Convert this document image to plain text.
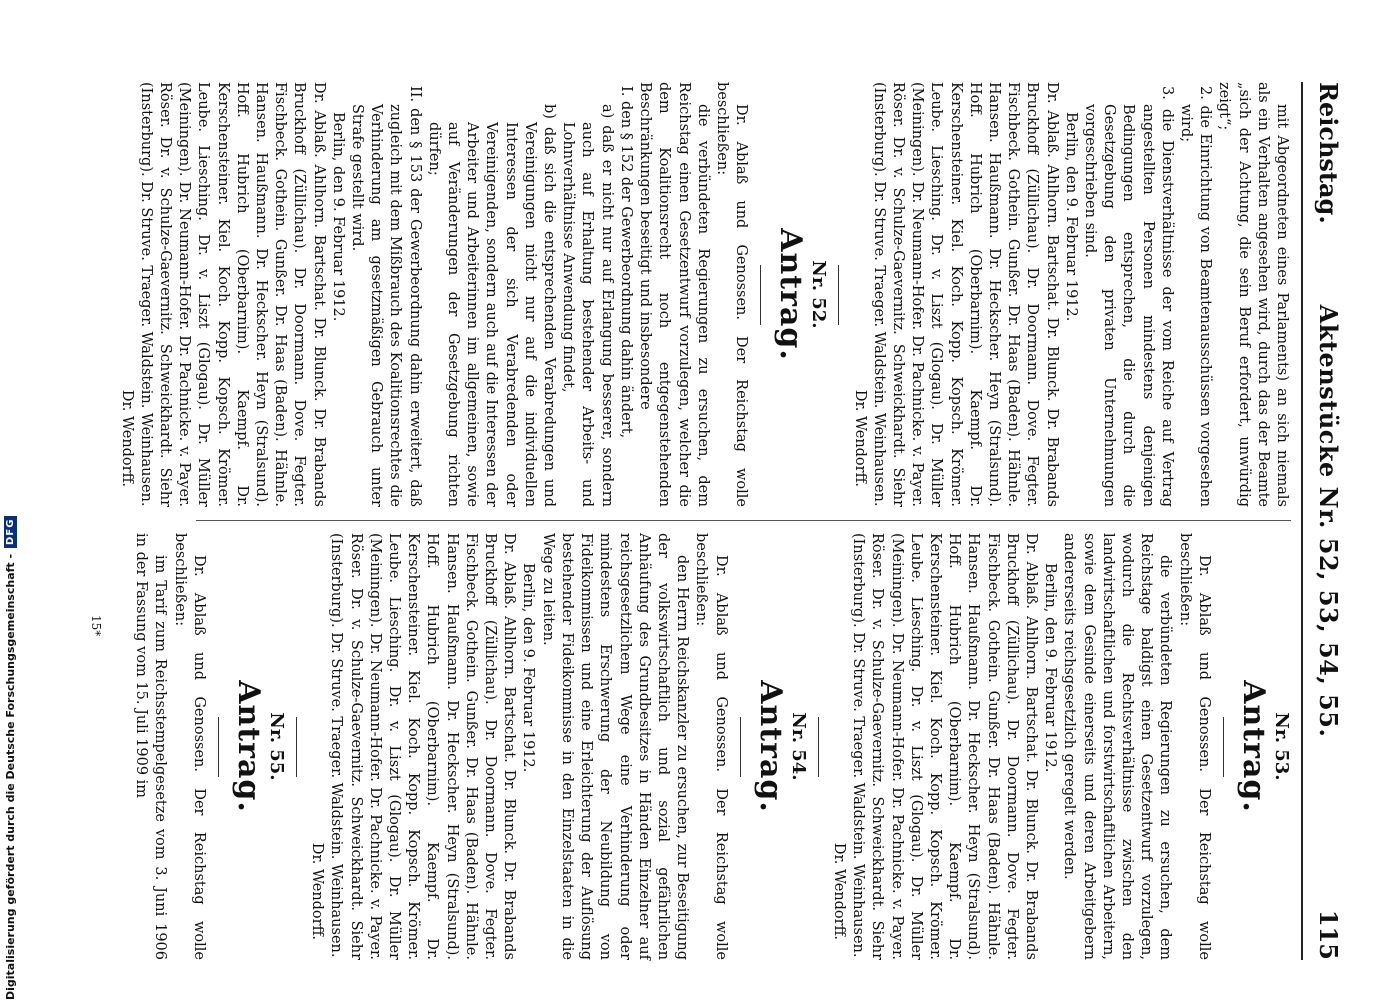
Reichstag.
Aktenstücke Nr. 52, 53, 54, 55.
115

mit Abgeordneten eines Parlaments) an sich niemals als ein Verhalten angesehen wird, durch das der Beamte „sich der Achtung, die sein Beruf erfordert, unwürdig zeigt“;

2. die Einrichtung von Beamtenausschüssen vorgesehen wird;

3. die Dienstverhältnisse der vom Reiche auf Vertrag angestellten Personen mindestens denjenigen Bedingungen entsprechen, die durch die Gesetzgebung den privaten Unternehmungen vorgeschrieben sind.

Berlin, den 9. Februar 1912.

Dr. Ablaß. Ahlhorn. Bartschat. Dr. Blunck. Dr. Brabands Bruckhoff (Züllichau). Dr. Doormann. Dove. Fegter. Fischbeck. Gothein. Gunßer. Dr. Haas (Baden). Hähnle. Hansen. Haußmann. Dr. Heckscher. Heyn (Stralsund). Hoff. Hubrich (Oberbarnim). Kaempf. Dr. Kerschensteiner. Kiel. Koch. Kopp. Kopsch. Krömer. Leube. Liesching. Dr. v. Liszt (Glogau). Dr. Müller (Meiningen). Dr. Neumann-Hofer. Dr. Pachnicke. v. Payer. Röser. Dr. v. Schulze-Gaevernitz. Schweickhardt. Siehr (Insterburg). Dr. Struve. Traeger. Waldstein. Weinhausen.

Dr. Wendorff.

Nr. 52.

Antrag.

Dr. Ablaß und Genossen. Der Reichstag wolle beschließen:

die verbündeten Regierungen zu ersuchen, dem Reichstag einen Gesetzentwurf vorzulegen, welcher die dem Koalitionsrecht noch entgegenstehenden Beschränkungen beseitigt und insbesondere

I. den § 152 der Gewerbeordnung dahin ändert,

a) daß er nicht nur auf Erlangung besserer, sondern auch auf Erhaltung bestehender Arbeits- und Lohnverhältnisse Anwendung findet,

b) daß sich die entsprechenden Verabredungen und Vereinigungen nicht nur auf die individuellen Interessen der sich Verabredenden oder Vereinigenden, sondern auch auf die Interessen der Arbeiter und Arbeiterinnen im allgemeinen, sowie auf Veränderungen der Gesetzgebung richten dürfen;

II. den § 153 der Gewerbeordnung dahin erweitert, daß zugleich mit dem Mißbrauch des Koalitionsrechtes die Verhinderung am gesetzmäßigen Gebrauch unter Strafe gestellt wird.

Berlin, den 9. Februar 1912.

Dr. Ablaß. Ahlhorn. Bartschat. Dr. Blunck. Dr. Brabands Bruckhoff (Züllichau). Dr. Doormann. Dove. Fegter. Fischbeck. Gothein. Gunßer. Dr. Haas (Baden). Hähnle. Hansen. Haußmann. Dr. Heckscher. Heyn (Stralsund). Hoff. Hubrich (Oberbarnim). Kaempf. Dr. Kerschensteiner. Kiel. Koch. Kopp. Kopsch. Krömer. Leube. Liesching. Dr. v. Liszt (Glogau). Dr. Müller (Meiningen). Dr. Neumann-Hofer. Dr. Pachnicke. v. Payer. Röser. Dr. v. Schulze-Gaevernitz. Schweickhardt. Siehr (Insterburg). Dr. Struve. Traeger. Waldstein. Weinhausen.

Dr. Wendorff.

Nr. 53.

Antrag.

Dr. Ablaß und Genossen. Der Reichstag wolle beschließen:

die verbündeten Regierungen zu ersuchen, dem Reichstage baldigst einen Gesetzentwurf vorzulegen, wodurch die Rechtsverhältnisse zwischen den landwirtschaftlichen und forstwirtschaftlichen Arbeitern, sowie dem Gesinde einerseits und deren Arbeitgebern andererseits reichsgesetzlich geregelt werden.

Berlin, den 9. Februar 1912.

Dr. Ablaß. Ahlhorn. Bartschat. Dr. Blunck. Dr. Brabands Bruckhoff (Züllichau). Dr. Doormann. Dove. Fegter. Fischbeck. Gothein. Gunßer. Dr. Haas (Baden). Hähnle. Hansen. Haußmann. Dr. Heckscher. Heyn (Stralsund). Hoff. Hubrich (Oberbarnim). Kaempf. Dr. Kerschensteiner. Kiel. Koch. Kopp. Kopsch. Krömer. Leube. Liesching. Dr. v. Liszt (Glogau). Dr. Müller (Meiningen). Dr. Neumann-Hofer. Dr. Pachnicke. v. Payer. Röser. Dr. v. Schulze-Gaevernitz. Schweickhardt. Siehr (Insterburg). Dr. Struve. Traeger. Waldstein. Weinhausen.

Dr. Wendorff.

Nr. 54.

Antrag.

Dr. Ablaß und Genossen. Der Reichstag wolle beschließen:

den Herrn Reichskanzler zu ersuchen, zur Beseitigung der volkswirtschaftlich und sozial gefährlichen Anhäufung des Grundbesitzes in Händen Einzelner auf reichsgesetzlichem Wege eine Verhinderung oder mindestens Erschwerung der Neubildung von Fideikommissen und eine Erleichterung der Auflösung bestehender Fideikommisse in den Einzelstaaten in die Wege zu leiten.

Berlin, den 9. Februar 1912.

Dr. Ablaß. Ahlhorn. Bartschat. Dr. Blunck. Dr. Brabands Bruckhoff (Züllichau). Dr. Doormann. Dove. Fegter. Fischbeck. Gothein. Gunßer. Dr. Haas (Baden). Hähnle. Hansen. Haußmann. Dr. Heckscher. Heyn (Stralsund). Hoff. Hubrich (Oberbarnim). Kaempf. Dr. Kerschensteiner. Kiel. Koch. Kopp. Kopsch. Krömer. Leube. Liesching. Dr. v. Liszt (Glogau). Dr. Müller (Meiningen). Dr. Neumann-Hofer. Dr. Pachnicke. v. Payer. Röser. Dr. v. Schulze-Gaevernitz. Schweickhardt. Siehr (Insterburg). Dr. Struve. Traeger. Waldstein. Weinhausen.

Dr. Wendorff.

Nr. 55.

Antrag.

Dr. Ablaß und Genossen. Der Reichstag wolle beschließen:

im Tarif zum Reichsstempelgesetze vom 3. Juni 1906 in der Fassung vom 15. Juli 1909 im

15*
Digitalisierung gefördert durch die Deutsche Forschungsgemeinschaft -
DFG
